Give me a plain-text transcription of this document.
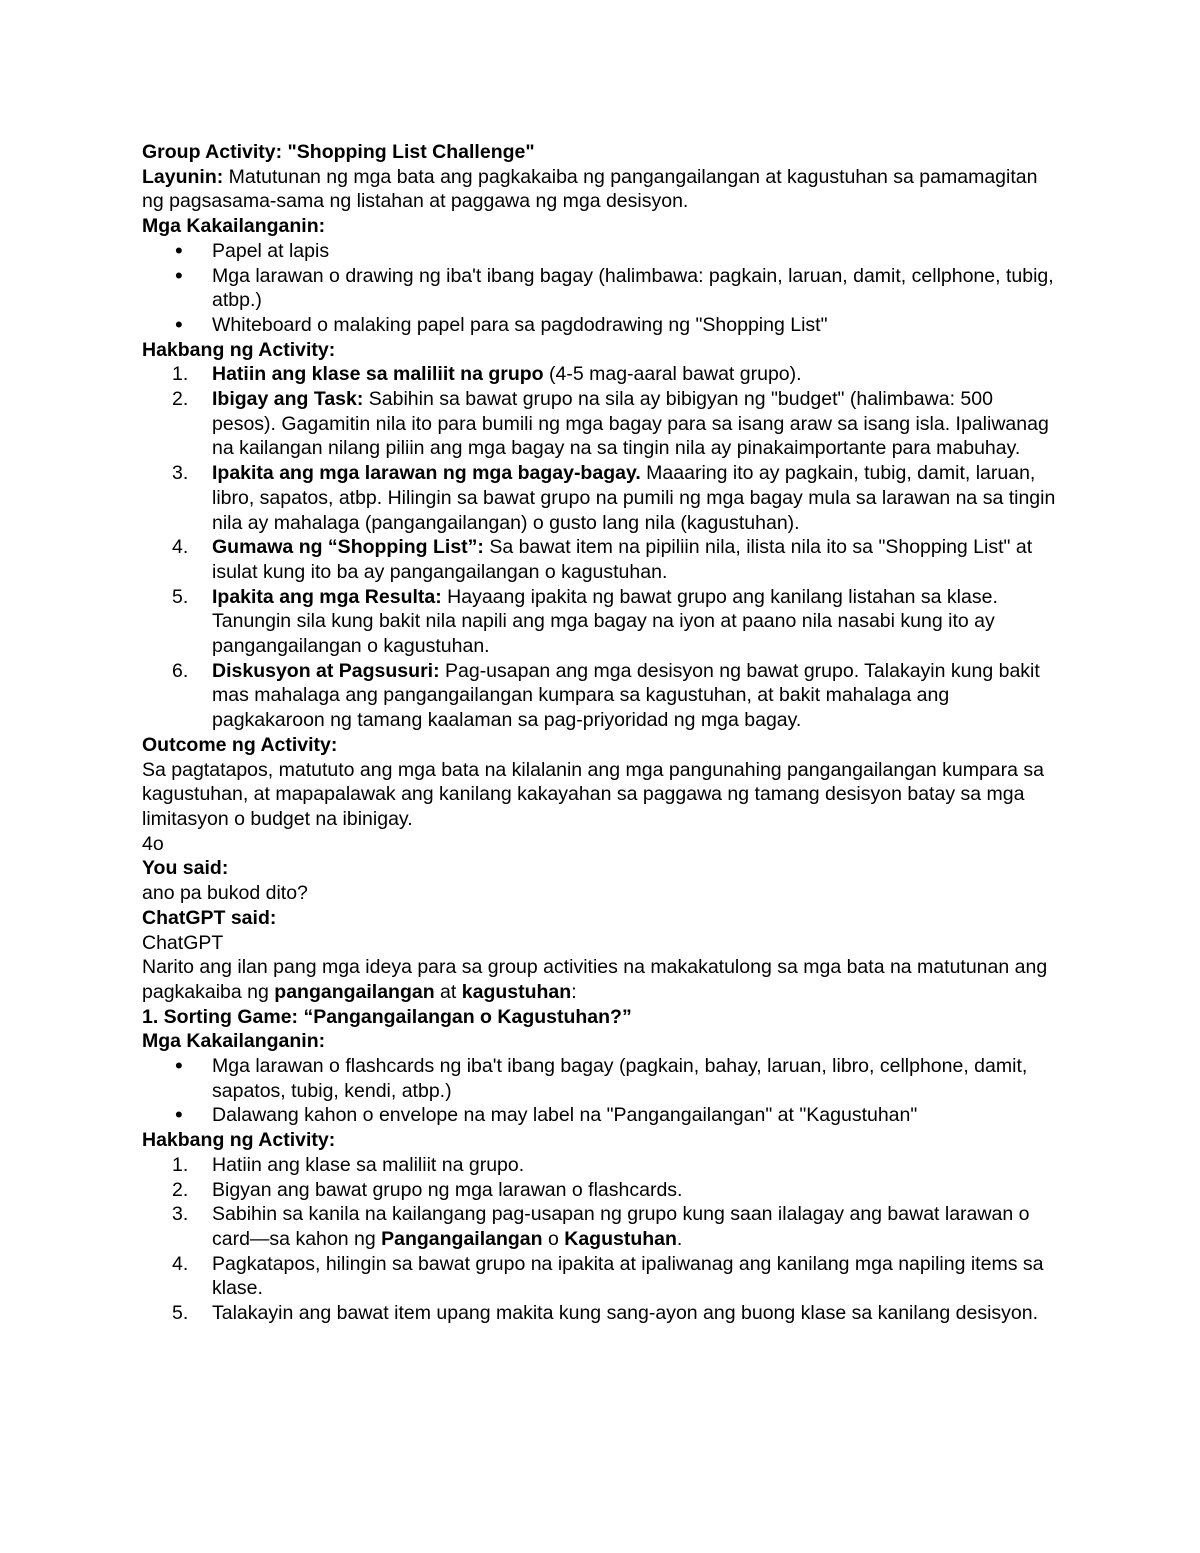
Group Activity: "Shopping List Challenge"

Layunin: Matutunan ng mga bata ang pagkakaiba ng pangangailangan at kagustuhan sa pamamagitan ng pagsasama-sama ng listahan at paggawa ng mga desisyon.

Mga Kakailanganin:

•
Papel at lapis
•
Mga larawan o drawing ng iba't ibang bagay (halimbawa: pagkain, laruan, damit, cellphone, tubig, atbp.)
•
Whiteboard o malaking papel para sa pagdodrawing ng "Shopping List"

Hakbang ng Activity:

1.	Hatiin ang klase sa maliliit na grupo (4-5 mag-aaral bawat grupo).
2.	Ibigay ang Task: Sabihin sa bawat grupo na sila ay bibigyan ng "budget" (halimbawa: 500 pesos). Gagamitin nila ito para bumili ng mga bagay para sa isang araw sa isang isla. Ipaliwanag na kailangan nilang piliin ang mga bagay na sa tingin nila ay pinakaimportante para mabuhay.
3.	Ipakita ang mga larawan ng mga bagay-bagay. Maaaring ito ay pagkain, tubig, damit, laruan, libro, sapatos, atbp. Hilingin sa bawat grupo na pumili ng mga bagay mula sa larawan na sa tingin nila ay mahalaga (pangangailangan) o gusto lang nila (kagustuhan).
4.	Gumawa ng “Shopping List”: Sa bawat item na pipiliin nila, ilista nila ito sa "Shopping List" at isulat kung ito ba ay pangangailangan o kagustuhan.
5.	Ipakita ang mga Resulta: Hayaang ipakita ng bawat grupo ang kanilang listahan sa klase. Tanungin sila kung bakit nila napili ang mga bagay na iyon at paano nila nasabi kung ito ay pangangailangan o kagustuhan.
6.	Diskusyon at Pagsusuri: Pag-usapan ang mga desisyon ng bawat grupo. Talakayin kung bakit mas mahalaga ang pangangailangan kumpara sa kagustuhan, at bakit mahalaga ang pagkakaroon ng tamang kaalaman sa pag-priyoridad ng mga bagay.

Outcome ng Activity:

Sa pagtatapos, matututo ang mga bata na kilalanin ang mga pangunahing pangangailangan kumpara sa kagustuhan, at mapapalawak ang kanilang kakayahan sa paggawa ng tamang desisyon batay sa mga limitasyon o budget na ibinigay.

4o

You said:

ano pa bukod dito?

ChatGPT said:

ChatGPT

Narito ang ilan pang mga ideya para sa group activities na makakatulong sa mga bata na matutunan ang pagkakaiba ng pangangailangan at kagustuhan:

1. Sorting Game: “Pangangailangan o Kagustuhan?”

Mga Kakailanganin:

•
Mga larawan o flashcards ng iba't ibang bagay (pagkain, bahay, laruan, libro, cellphone, damit, sapatos, tubig, kendi, atbp.)
•
Dalawang kahon o envelope na may label na "Pangangailangan" at "Kagustuhan"

Hakbang ng Activity:

1.	Hatiin ang klase sa maliliit na grupo.
2.	Bigyan ang bawat grupo ng mga larawan o flashcards.
3.	Sabihin sa kanila na kailangang pag-usapan ng grupo kung saan ilalagay ang bawat larawan o card—sa kahon ng Pangangailangan o Kagustuhan.
4.	Pagkatapos, hilingin sa bawat grupo na ipakita at ipaliwanag ang kanilang mga napiling items sa klase.
5.	Talakayin ang bawat item upang makita kung sang-ayon ang buong klase sa kanilang desisyon.
